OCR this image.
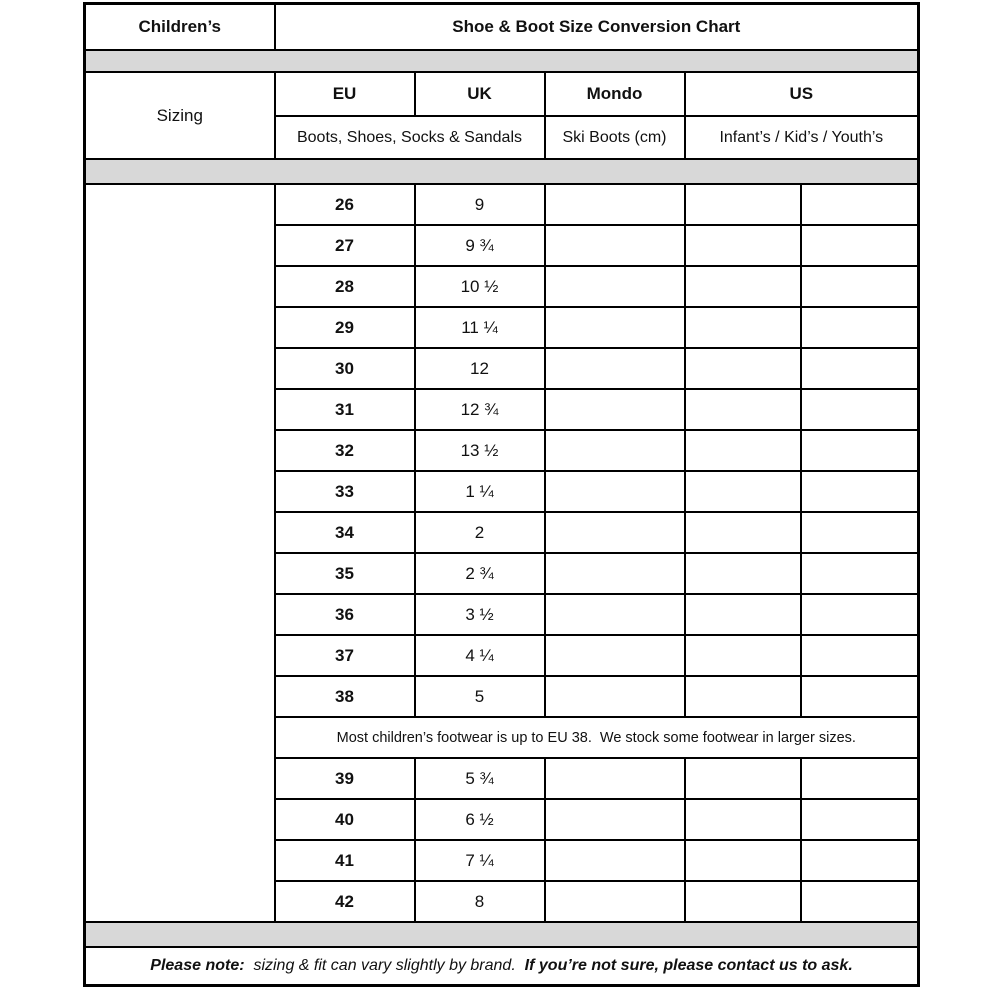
Children’s	Shoe & Boot Size Conversion Chart				

Sizing	EU	UK	Mondo	US	
	Boots, Shoes, Socks & Sandals		Ski Boots (cm)	Infant’s / Kid’s / Youth’s	

	26	9			
	27	9 ¾			
	28	10 ½			
	29	11 ¼			
	30	12			
	31	12 ¾			
	32	13 ½			
	33	1 ¼			
	34	2			
	35	2 ¾			
	36	3 ½			
	37	4 ¼			
	38	5			
	Most children’s footwear is up to EU 38.  We stock some footwear in larger sizes.				
	39	5 ¾			
	40	6 ½			
	41	7 ¼			
	42	8			

Please note:  sizing & fit can vary slightly by brand.  If you’re not sure, please contact us to ask.					
